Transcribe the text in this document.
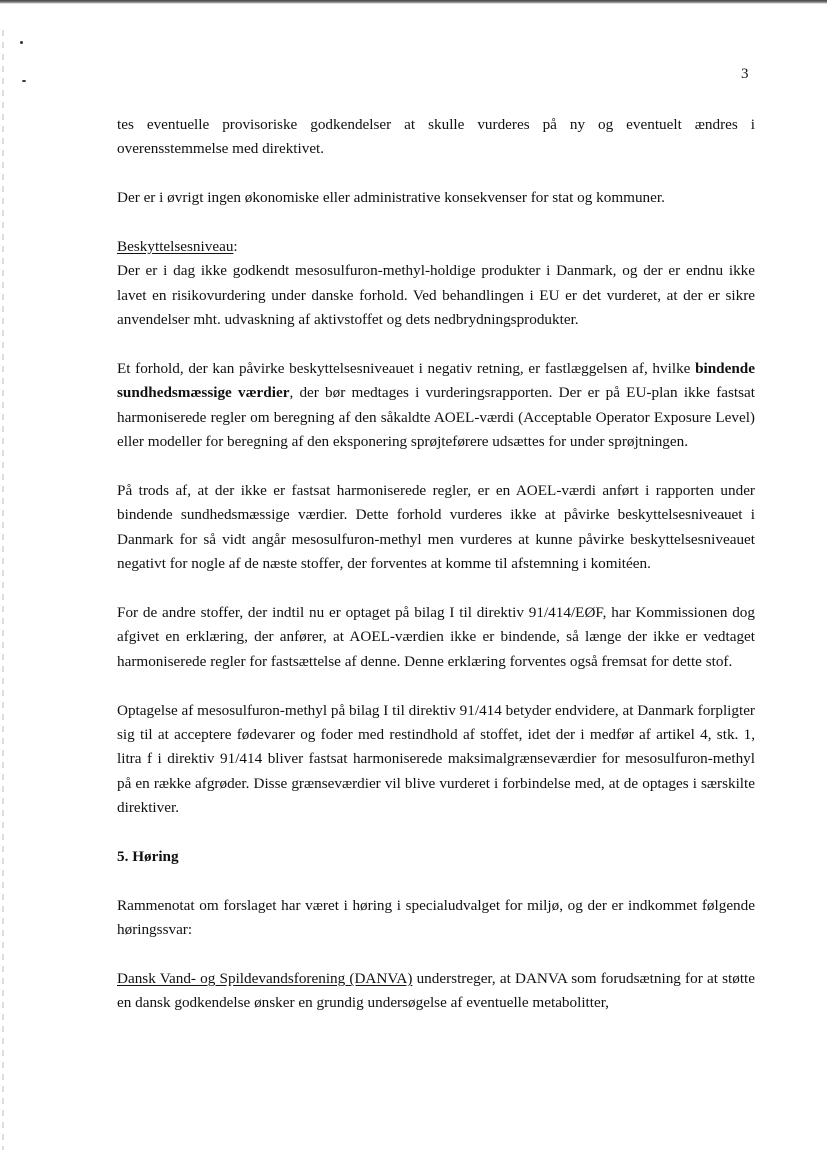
3

tes eventuelle provisoriske godkendelser at skulle vurderes på ny og eventuelt ændres i overensstemmelse med direktivet.

Der er i øvrigt ingen økonomiske eller administrative konsekvenser for stat og kommuner.

Beskyttelsesniveau:

Der er i dag ikke godkendt mesosulfuron-methyl-holdige produkter i Danmark, og der er endnu ikke lavet en risikovurdering under danske forhold. Ved behandlingen i EU er det vurderet, at der er sikre anvendelser mht. udvaskning af aktivstoffet og dets nedbrydningsprodukter.

Et forhold, der kan påvirke beskyttelsesniveauet i negativ retning, er fastlæggelsen af, hvilke bindende sundhedsmæssige værdier, der bør medtages i vurderingsrapporten. Der er på EU-plan ikke fastsat harmoniserede regler om beregning af den såkaldte AOEL-værdi (Acceptable Operator Exposure Level) eller modeller for beregning af den eksponering sprøjteførere udsættes for under sprøjtningen.

På trods af, at der ikke er fastsat harmoniserede regler, er en AOEL-værdi anført i rapporten under bindende sundhedsmæssige værdier. Dette forhold vurderes ikke at påvirke beskyttelsesniveauet i Danmark for så vidt angår mesosulfuron-methyl men vurderes at kunne påvirke beskyttelsesniveauet negativt for nogle af de næste stoffer, der forventes at komme til afstemning i komitéen.

For de andre stoffer, der indtil nu er optaget på bilag I til direktiv 91/414/EØF, har Kommissionen dog afgivet en erklæring, der anfører, at AOEL-værdien ikke er bindende, så længe der ikke er vedtaget harmoniserede regler for fastsættelse af denne. Denne erklæring forventes også fremsat for dette stof.

Optagelse af mesosulfuron-methyl på bilag I til direktiv 91/414 betyder endvidere, at Danmark forpligter sig til at acceptere fødevarer og foder med restindhold af stoffet, idet der i medfør af artikel 4, stk. 1, litra f i direktiv 91/414 bliver fastsat harmoniserede maksimalgrænseværdier for mesosulfuron-methyl på en række afgrøder. Disse grænseværdier vil blive vurderet i forbindelse med, at de optages i særskilte direktiver.

5. Høring

Rammenotat om forslaget har været i høring i specialudvalget for miljø, og der er indkommet følgende høringssvar:

Dansk Vand- og Spildevandsforening (DANVA) understreger, at DANVA som forudsætning for at støtte en dansk godkendelse ønsker en grundig undersøgelse af eventuelle metabolitter,
